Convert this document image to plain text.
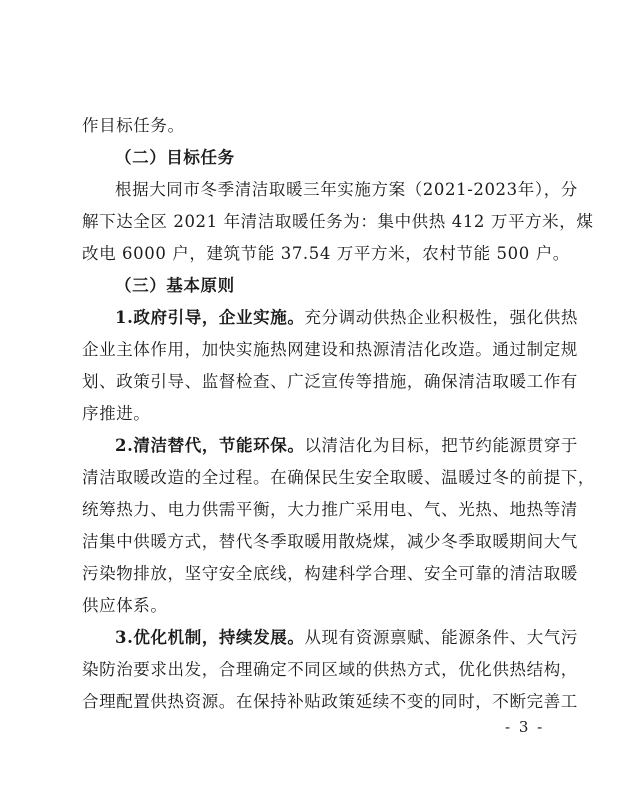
作目标任务。
（二）目标任务
根据大同市冬季清洁取暖三年实施方案（2021-2023年），分
解下达全区 2021 年清洁取暖任务为：集中供热 412 万平方米，煤
改电 6000 户，建筑节能 37.54 万平方米，农村节能 500 户。
（三）基本原则
1.政府引导，企业实施。充分调动供热企业积极性，强化供热
企业主体作用，加快实施热网建设和热源清洁化改造。通过制定规
划、政策引导、监督检查、广泛宣传等措施，确保清洁取暖工作有
序推进。
2.清洁替代，节能环保。以清洁化为目标，把节约能源贯穿于
清洁取暖改造的全过程。在确保民生安全取暖、温暖过冬的前提下，
统筹热力、电力供需平衡，大力推广采用电、气、光热、地热等清
洁集中供暖方式，替代冬季取暖用散烧煤，减少冬季取暖期间大气
污染物排放，坚守安全底线，构建科学合理、安全可靠的清洁取暖
供应体系。
3.优化机制，持续发展。从现有资源禀赋、能源条件、大气污
染防治要求出发，合理确定不同区域的供热方式，优化供热结构，
合理配置供热资源。在保持补贴政策延续不变的同时，不断完善工
- 3 -
